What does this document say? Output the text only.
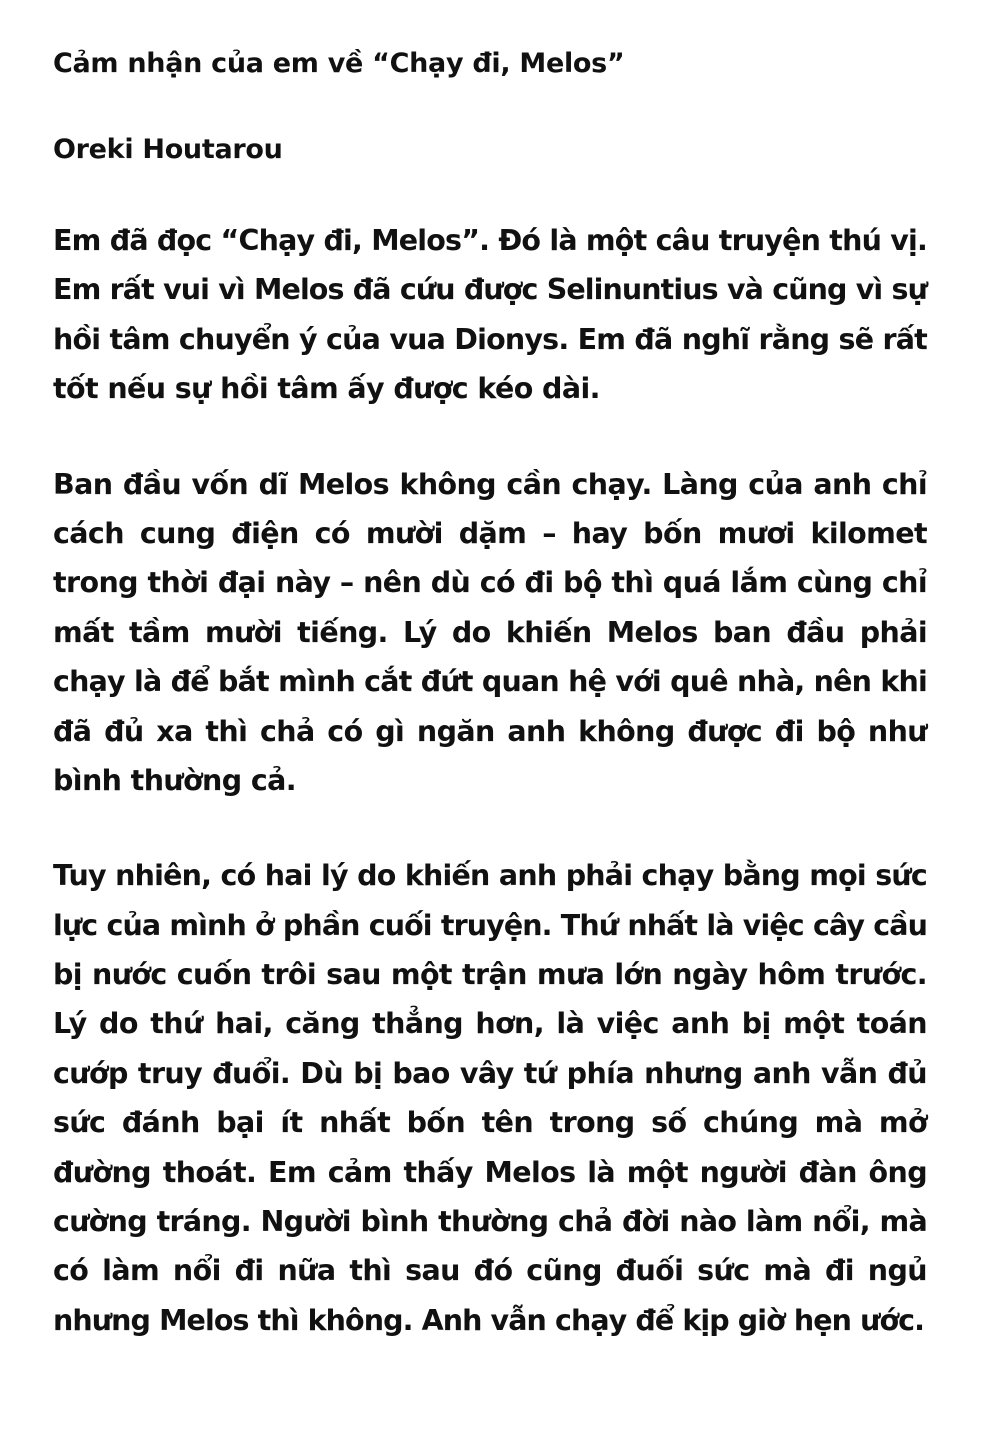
Cảm nhận của em về “Chạy đi, Melos”

Oreki Houtarou

Em đã đọc “Chạy đi, Melos”. Đó là một câu truyện thú vị.
Em rất vui vì Melos đã cứu được Selinuntius và cũng vì sự
hồi tâm chuyển ý của vua Dionys. Em đã nghĩ rằng sẽ rất
tốt nếu sự hồi tâm ấy được kéo dài.
Ban đầu vốn dĩ Melos không cần chạy. Làng của anh chỉ
cách cung điện có mười dặm – hay bốn mươi kilomet
trong thời đại này – nên dù có đi bộ thì quá lắm cùng chỉ
mất tầm mười tiếng. Lý do khiến Melos ban đầu phải
chạy là để bắt mình cắt đứt quan hệ với quê nhà, nên khi
đã đủ xa thì chả có gì ngăn anh không được đi bộ như
bình thường cả.
Tuy nhiên, có hai lý do khiến anh phải chạy bằng mọi sức
lực của mình ở phần cuối truyện. Thứ nhất là việc cây cầu
bị nước cuốn trôi sau một trận mưa lớn ngày hôm trước.
Lý do thứ hai, căng thẳng hơn, là việc anh bị một toán
cướp truy đuổi. Dù bị bao vây tứ phía nhưng anh vẫn đủ
sức đánh bại ít nhất bốn tên trong số chúng mà mở
đường thoát. Em cảm thấy Melos là một người đàn ông
cường tráng. Người bình thường chả đời nào làm nổi, mà
có làm nổi đi nữa thì sau đó cũng đuối sức mà đi ngủ
nhưng Melos thì không. Anh vẫn chạy để kịp giờ hẹn ước.
